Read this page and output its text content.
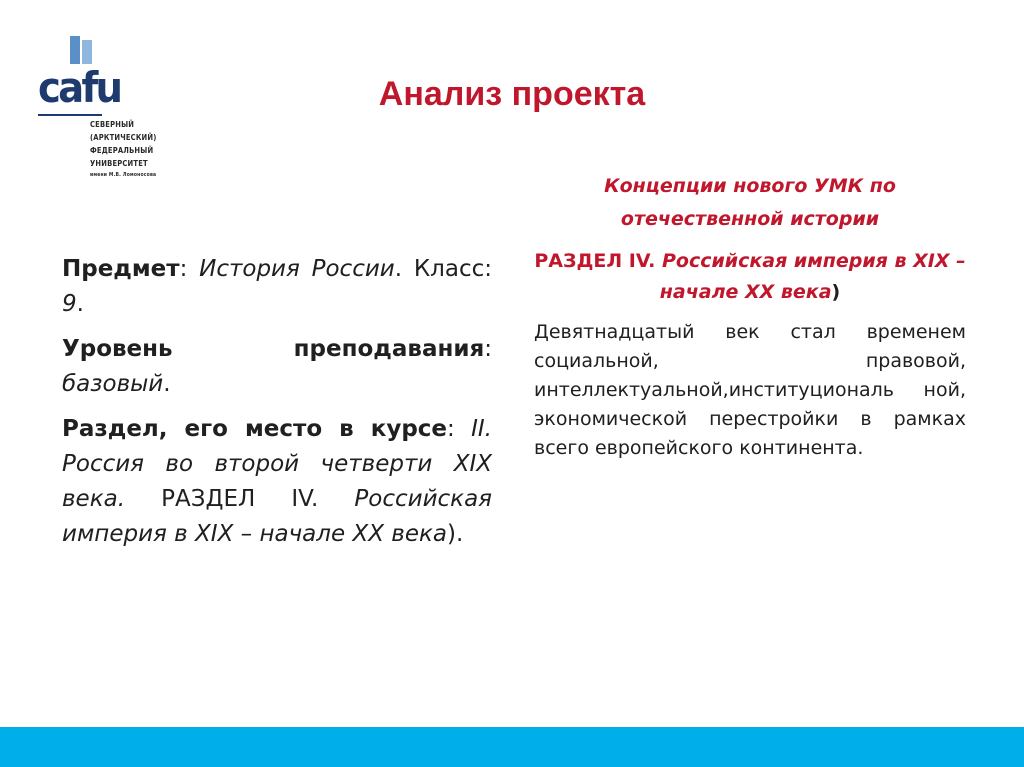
cafu
СЕВЕРНЫЙ
(АРКТИЧЕСКИЙ)
ФЕДЕРАЛЬНЫЙ
УНИВЕРСИТЕТ
имени М.В. Ломоносова
Анализ проекта

Предмет: История России. Класс: 9.

Уровень преподавания: базовый.

Раздел, его место в курсе: II. Россия во второй четверти XIX века. РАЗДЕЛ IV. Российская империя в XIX – начале XX века).

Концепции нового УМК по отечественной истории

РАЗДЕЛ IV. Российская империя в XIX – начале XX века)

Девятнадцатый век стал временем социальной, правовой, интеллектуальной,институциональ ной, экономической перестройки в рамках всего европейского континента.
